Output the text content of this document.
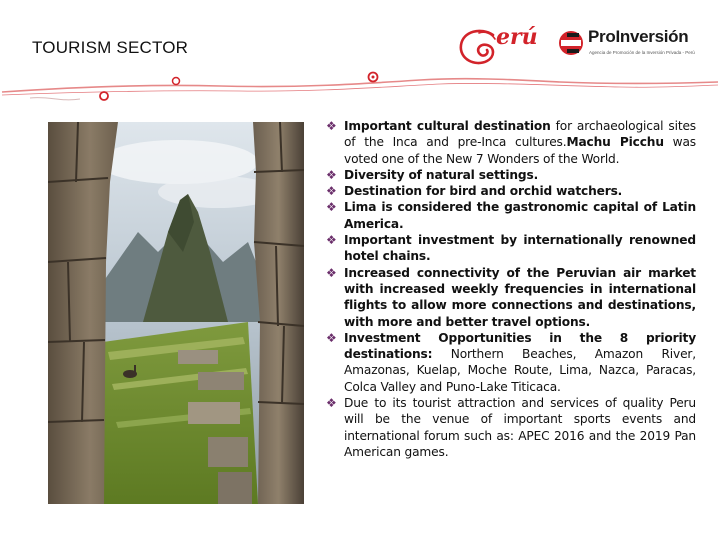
TOURISM SECTOR	erú	ProInversión
Agencia de Promoción de la Inversión Privada - Perú
❖ Important cultural destination for archaeological sites of the Inca and pre-Inca cultures.Machu Picchu was voted one of the New 7 Wonders of the World.
❖ Diversity of natural settings.
❖ Destination for bird and orchid watchers.
❖ Lima is considered the gastronomic capital of Latin America.
❖ Important investment by internationally renowned hotel chains.
❖ Increased connectivity of the Peruvian air market with increased weekly frequencies in international flights to allow more connections and destinations, with more and better travel options.
❖ Investment Opportunities in the 8 priority destinations: Northern Beaches, Amazon River, Amazonas, Kuelap, Moche Route, Lima, Nazca, Paracas, Colca Valley and Puno-Lake Titicaca.
❖ Due to its tourist attraction and services of quality Peru will be the venue of important sports events and international forum such as: APEC 2016 and the 2019 Pan American games.
